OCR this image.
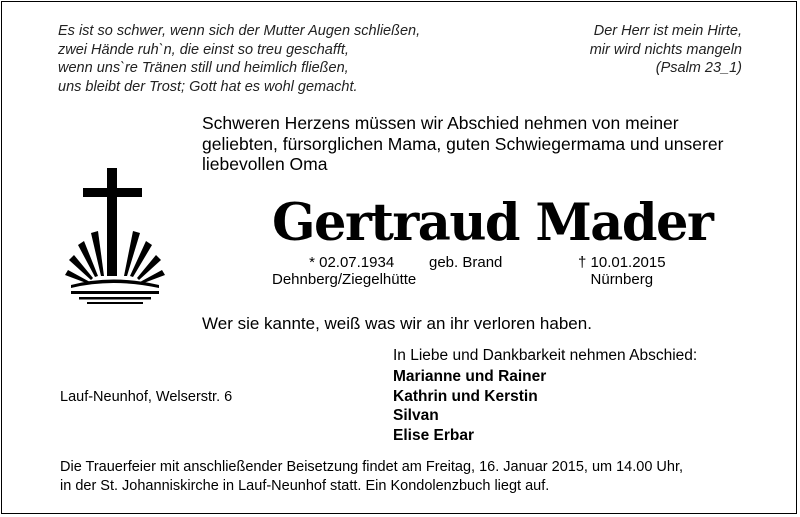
Es ist so schwer, wenn sich der Mutter Augen schließen,
zwei Hände ruh`n, die einst so treu geschafft,
wenn uns`re Tränen still und heimlich fließen,
uns bleibt der Trost; Gott hat es wohl gemacht.
Der Herr ist mein Hirte,
mir wird nichts mangeln
(Psalm 23_1)

Schweren Herzens müssen wir Abschied nehmen von meiner geliebten, fürsorglichen Mama, guten Schwiegermama und unserer liebevollen Oma

Gertraud Mader
* 02.07.1934
Dehnberg/Ziegelhütte
geb. Brand	† 10.01.2015
Nürnberg
Wer sie kannte, weiß was wir an ihr verloren haben.
In Liebe und Dankbarkeit nehmen Abschied:
Marianne und Rainer
Kathrin und Kerstin
Silvan
Elise Erbar
Lauf-Neunhof, Welserstr. 6
Die Trauerfeier mit anschließender Beisetzung findet am Freitag, 16. Januar 2015, um 14.00 Uhr,
in der St. Johanniskirche in Lauf-Neunhof statt. Ein Kondolenzbuch liegt auf.
